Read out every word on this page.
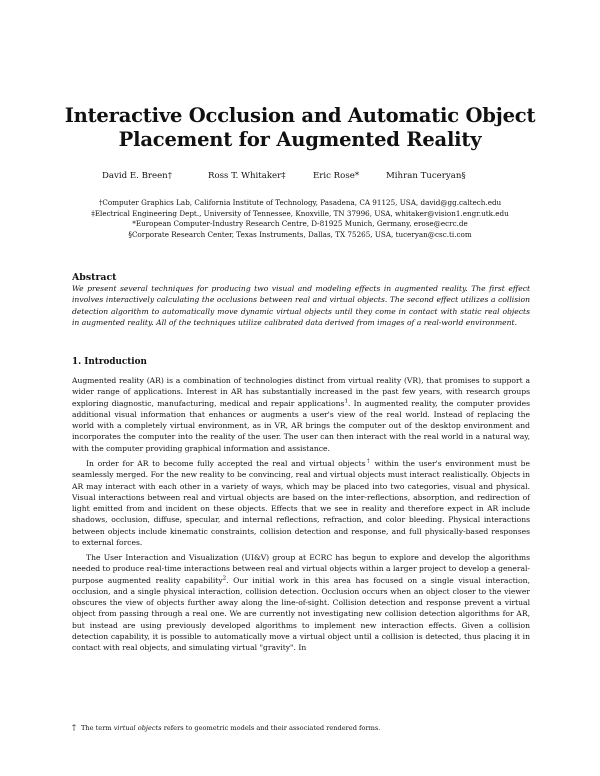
Interactive Occlusion and Automatic Object
Placement for Augmented Reality
David E. Breen†	Ross T. Whitaker‡	Eric Rose*	Mihran Tuceryan§
†Computer Graphics Lab, California Institute of Technology, Pasadena, CA 91125, USA, david@gg.caltech.edu
‡Electrical Engineering Dept., University of Tennessee, Knoxville, TN 37996, USA, whitaker@vision1.engr.utk.edu
*European Computer-Industry Research Centre, D-81925 Munich, Germany, erose@ecrc.de
§Corporate Research Center, Texas Instruments, Dallas, TX 75265, USA, tuceryan@csc.ti.com
Abstract
We present several techniques for producing two visual and modeling effects in augmented reality. The first effect involves interactively calculating the occlusions between real and virtual objects. The second effect utilizes a collision detection algorithm to automatically move dynamic virtual objects until they come in contact with static real objects in augmented reality. All of the techniques utilize calibrated data derived from images of a real-world environment.
1. Introduction
Augmented reality (AR) is a combination of technologies distinct from virtual reality (VR), that promises to support a wider range of applications. Interest in AR has substantially increased in the past few years, with research groups exploring diagnostic, manufacturing, medical and repair applications$^1$. In augmented reality, the computer provides additional visual information that enhances or augments a user's view of the real world. Instead of replacing the world with a completely virtual environment, as in VR, AR brings the computer out of the desktop environment and incorporates the computer into the reality of the user. The user can then interact with the real world in a natural way, with the computer providing graphical information and assistance.
In order for AR to become fully accepted the real and virtual objects† within the user's environment must be seamlessly merged. For the new reality to be convincing, real and virtual objects must interact realistically. Objects in AR may interact with each other in a variety of ways, which may be placed into two categories, visual and physical. Visual interactions between real and virtual objects are based on the inter-reflections, absorption, and redirection of light emitted from and incident on these objects. Effects that we see in reality and therefore expect in AR include shadows, occlusion, diffuse, specular, and internal reflections, refraction, and color bleeding. Physical interactions between objects include kinematic constraints, collision detection and response, and full physically-based responses to external forces.
The User Interaction and Visualization (UI&V) group at ECRC has begun to explore and develop the algorithms needed to produce real-time interactions between real and virtual objects within a larger project to develop a general-purpose augmented reality capability$^2$. Our initial work in this area has focused on a single visual interaction, occlusion, and a single physical interaction, collision detection. Occlusion occurs when an object closer to the viewer obscures the view of objects further away along the line-of-sight. Collision detection and response prevent a virtual object from passing through a real one. We are currently not investigating new collision detection algorithms for AR, but instead are using previously developed algorithms to implement new interaction effects. Given a collision detection capability, it is possible to automatically move a virtual object until a collision is detected, thus placing it in contact with real objects, and simulating virtual "gravity". In
† The term virtual objects refers to geometric models and their associated rendered forms.
